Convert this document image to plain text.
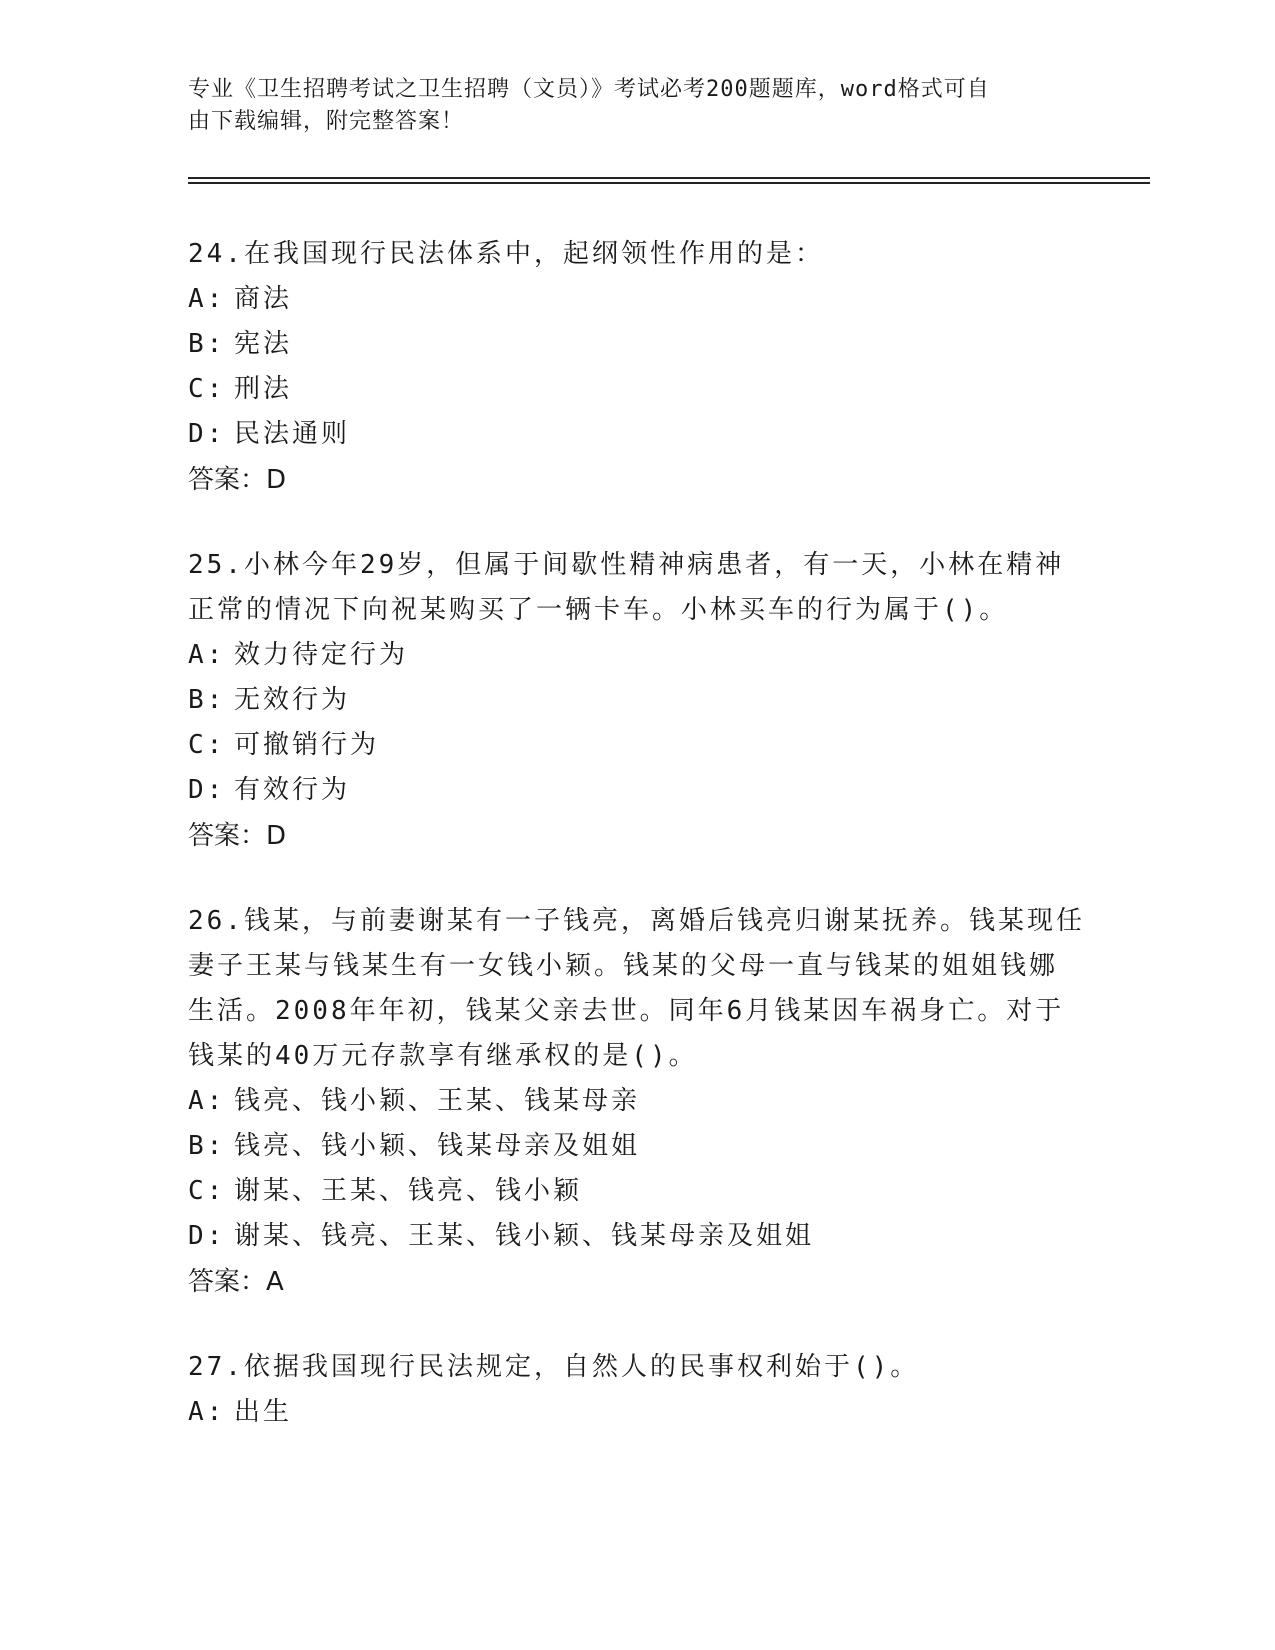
专业《卫生招聘考试之卫生招聘（文员）》考试必考200题题库，word格式可自
由下载编辑，附完整答案！
24.在我国现行民法体系中，起纲领性作用的是：
A: 商法
B: 宪法
C: 刑法
D: 民法通则
答案：D
25.小林今年29岁，但属于间歇性精神病患者，有一天，小林在精神
正常的情况下向祝某购买了一辆卡车。小林买车的行为属于()。
A: 效力待定行为
B: 无效行为
C: 可撤销行为
D: 有效行为
答案：D
26.钱某，与前妻谢某有一子钱亮，离婚后钱亮归谢某抚养。钱某现任
妻子王某与钱某生有一女钱小颖。钱某的父母一直与钱某的姐姐钱娜
生活。2008年年初，钱某父亲去世。同年6月钱某因车祸身亡。对于
钱某的40万元存款享有继承权的是()。
A: 钱亮、钱小颖、王某、钱某母亲
B: 钱亮、钱小颖、钱某母亲及姐姐
C: 谢某、王某、钱亮、钱小颖
D: 谢某、钱亮、王某、钱小颖、钱某母亲及姐姐
答案：A
27.依据我国现行民法规定，自然人的民事权利始于()。
A: 出生
